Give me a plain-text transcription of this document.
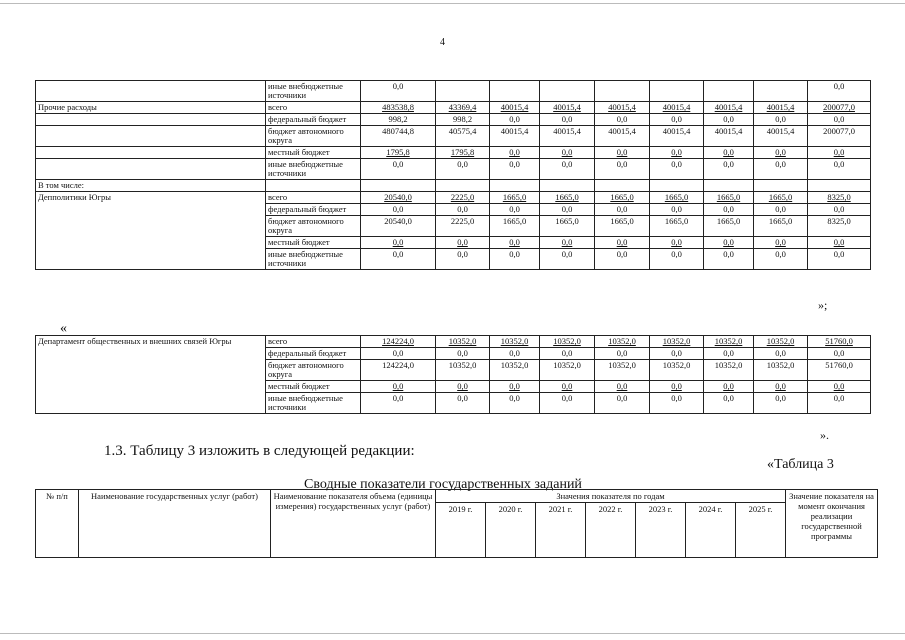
4
	иные внебюджетные источники	0,0								0,0
Прочие расходы	всего	483538,8	43369,4	40015,4	40015,4	40015,4	40015,4	40015,4	40015,4	200077,0
	федеральный бюджет	998,2	998,2	0,0	0,0	0,0	0,0	0,0	0,0	0,0
	бюджет автономного округа	480744,8	40575,4	40015,4	40015,4	40015,4	40015,4	40015,4	40015,4	200077,0
	местный бюджет	1795,8	1795,8	0,0	0,0	0,0	0,0	0,0	0,0	0,0
	иные внебюджетные источники	0,0	0,0	0,0	0,0	0,0	0,0	0,0	0,0	0,0
В том числе:										
Депполитики Югры	всего	20540,0	2225,0	1665,0	1665,0	1665,0	1665,0	1665,0	1665,0	8325,0
	федеральный бюджет	0,0	0,0	0,0	0,0	0,0	0,0	0,0	0,0	0,0
	бюджет автономного округа	20540,0	2225,0	1665,0	1665,0	1665,0	1665,0	1665,0	1665,0	8325,0
	местный бюджет	0,0	0,0	0,0	0,0	0,0	0,0	0,0	0,0	0,0
	иные внебюджетные источники	0,0	0,0	0,0	0,0	0,0	0,0	0,0	0,0	0,0
»;
«
Департамент общественных и внешних связей Югры	всего	124224,0	10352,0	10352,0	10352,0	10352,0	10352,0	10352,0	10352,0	51760,0
	федеральный бюджет	0,0	0,0	0,0	0,0	0,0	0,0	0,0	0,0	0,0
	бюджет автономного округа	124224,0	10352,0	10352,0	10352,0	10352,0	10352,0	10352,0	10352,0	51760,0
	местный бюджет	0,0	0,0	0,0	0,0	0,0	0,0	0,0	0,0	0,0
	иные внебюджетные источники	0,0	0,0	0,0	0,0	0,0	0,0	0,0	0,0	0,0
».
1.3. Таблицу 3 изложить в следующей редакции:
«Таблица 3
Сводные показатели государственных заданий
№ п/п	Наименование государственных услуг (работ)	Наименование показателя объема (единицы измерения) государственных услуг (работ)	Значения показателя по годам							Значение показателя на момент окончания реализации государственной программы
			2019 г.	2020 г.	2021 г.	2022 г.	2023 г.	2024 г.	2025 г.	
